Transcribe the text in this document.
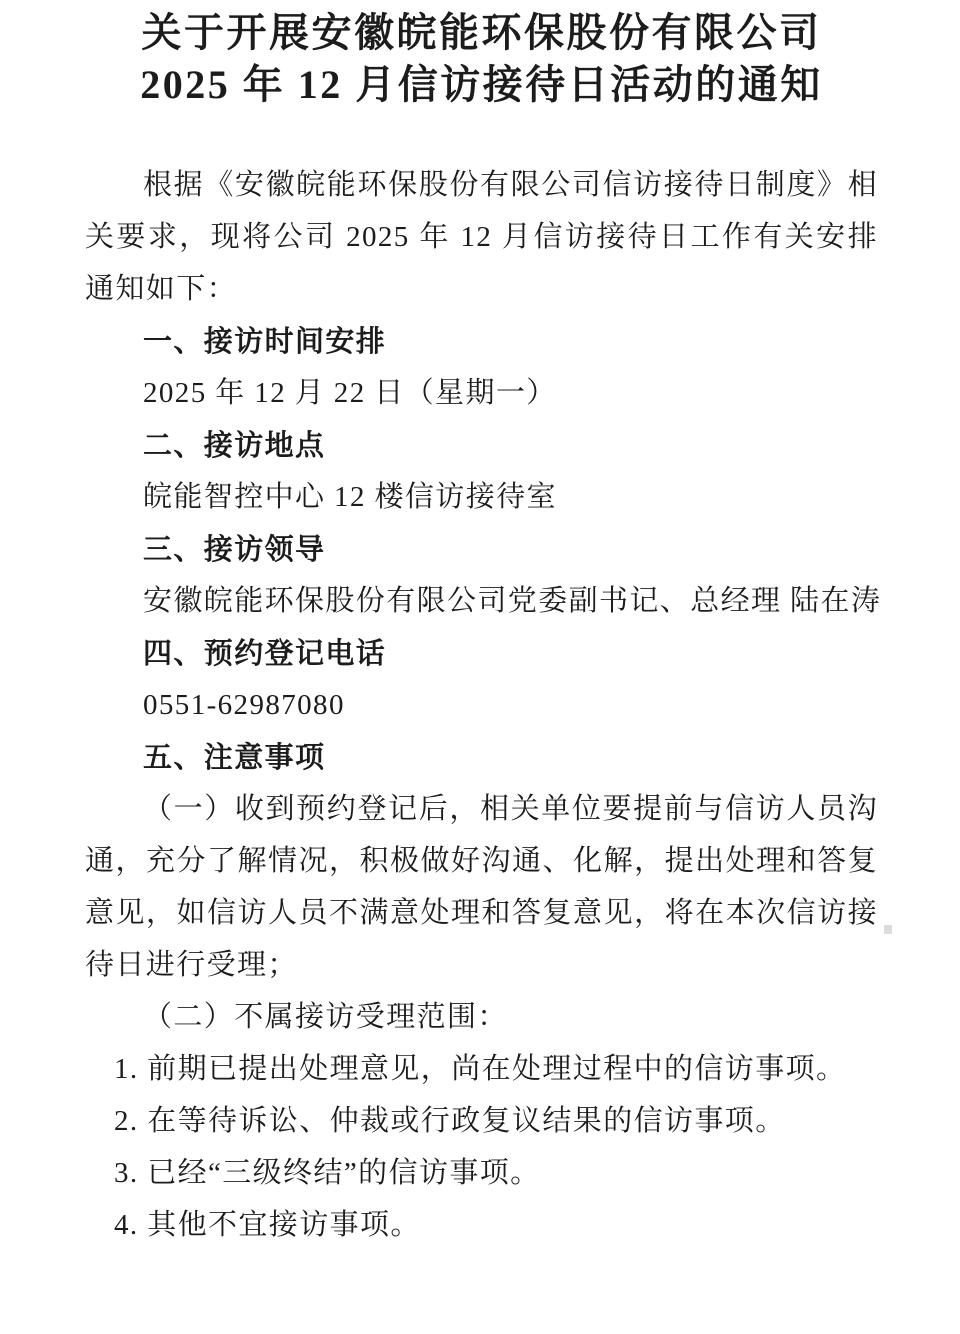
关于开展安徽皖能环保股份有限公司
2025 年 12 月信访接待日活动的通知

根据《安徽皖能环保股份有限公司信访接待日制度》相关要求，现将公司 2025 年 12 月信访接待日工作有关安排通知如下：

一、接访时间安排

2025 年 12 月 22 日（星期一）

二、接访地点

皖能智控中心 12 楼信访接待室

三、接访领导

安徽皖能环保股份有限公司党委副书记、总经理 陆在涛

四、预约登记电话

0551-62987080

五、注意事项

（一）收到预约登记后，相关单位要提前与信访人员沟通，充分了解情况，积极做好沟通、化解，提出处理和答复意见，如信访人员不满意处理和答复意见，将在本次信访接待日进行受理；

（二）不属接访受理范围：

1. 前期已提出处理意见，尚在处理过程中的信访事项。

2. 在等待诉讼、仲裁或行政复议结果的信访事项。

3. 已经“三级终结”的信访事项。

4. 其他不宜接访事项。
